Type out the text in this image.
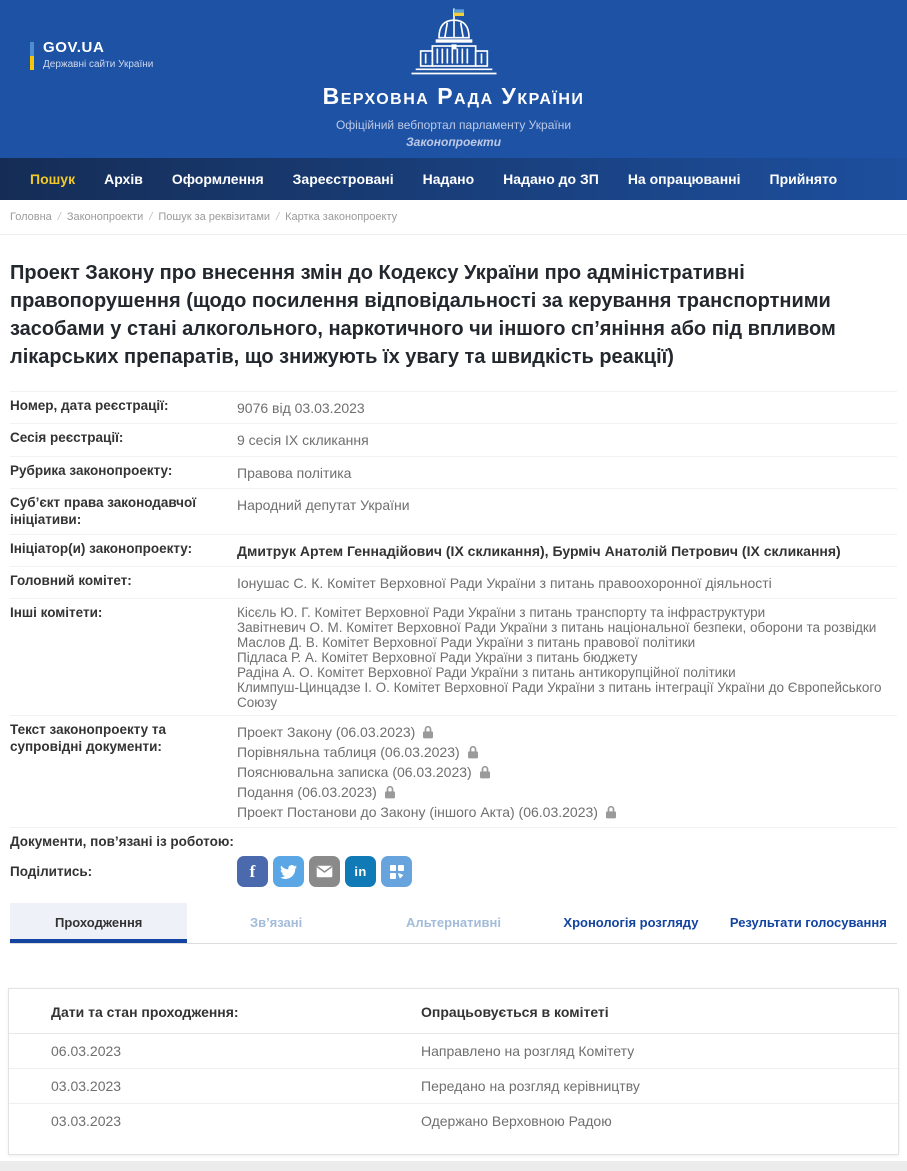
GOV.UA
Державні сайти України
Верховна Рада України
Офіційний вебпортал парламенту України
Законопроекти
Пошук Архів Оформлення Зареєстровані Надано Надано до ЗП На опрацюванні Прийнято
Головна / Законопроекти / Пошук за реквізитами / Картка законопроекту
Проект Закону про внесення змін до Кодексу України про адміністративні правопорушення (щодо посилення відповідальності за керування транспортними засобами у стані алкогольного, наркотичного чи іншого сп’яніння або під впливом лікарських препаратів, що знижують їх увагу та швидкість реакції)
Номер, дата реєстрації:	9076 від 03.03.2023
Сесія реєстрації:	9 сесія IX скликання
Рубрика законопроекту:	Правова політика
Суб’єкт права законодавчої ініціативи:
Народний депутат України
Ініціатор(и) законопроекту:	Дмитрук Артем Геннадійович (IX скликання), Бурміч Анатолій Петрович (IX скликання)
Головний комітет:	Іонушас С. К. Комітет Верховної Ради України з питань правоохоронної діяльності
Інші комітети:	Кісєль Ю. Г. Комітет Верховної Ради України з питань транспорту та інфраструктури
Завітневич О. М. Комітет Верховної Ради України з питань національної безпеки, оборони та розвідки
Маслов Д. В. Комітет Верховної Ради України з питань правової політики
Підласа Р. А. Комітет Верховної Ради України з питань бюджету
Радіна А. О. Комітет Верховної Ради України з питань антикорупційної політики
Климпуш-Цинцадзе І. О. Комітет Верховної Ради України з питань інтеграції України до Європейського Союзу
Текст законопроекту та супровідні документи:
Проект Закону (06.03.2023)
Порівняльна таблиця (06.03.2023)
Пояснювальна записка (06.03.2023)
Подання (06.03.2023)
Проект Постанови до Закону (іншого Акта) (06.03.2023)
Документи, пов’язані із роботою:
Поділитись:	f	in
Проходження	Зв’язані	Альтернативні	Хронологія розгляду	Результати голосування
Дати та стан проходження:	Опрацьовується в комітеті
06.03.2023	Направлено на розгляд Комітету
03.03.2023	Передано на розгляд керівництву
03.03.2023	Одержано Верховною Радою
